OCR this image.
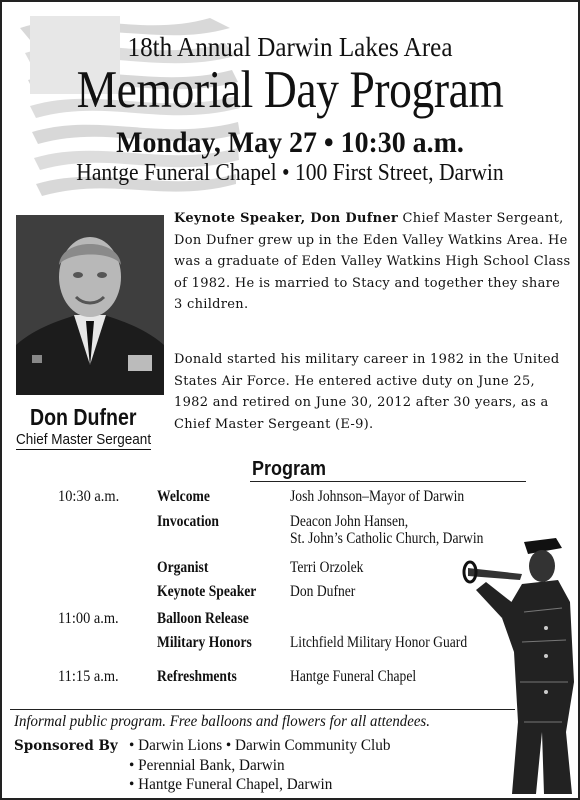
18th Annual Darwin Lakes Area
Memorial Day Program
Monday, May 27 • 10:30 a.m.
Hantge Funeral Chapel • 100 First Street, Darwin
Don Dufner
Chief Master Sergeant

Keynote Speaker, Don Dufner Chief Master Sergeant, Don Dufner grew up in the Eden Valley Watkins Area. He was a graduate of Eden Valley Watkins High School Class of 1982. He is married to Stacy and together they share 3 children.

Donald started his military career in 1982 in the United States Air Force. He entered active duty on June 25, 1982 and retired on June 30, 2012 after 30 years, as a Chief Master Sergeant (E-9).

Program
10:30 a.m. Welcome	Josh Johnson–Mayor of Darwin
Invocation	Deacon John Hansen,
St. John’s Catholic Church, Darwin
Organist	Terri Orzolek
Keynote Speaker Don Dufner
11:00 a.m. Balloon Release
Military Honors Litchfield Military Honor Guard
11:15 a.m. Refreshments	Hantge Funeral Chapel
Informal public program. Free balloons and flowers for all attendees.
Sponsored By
•	Darwin Lions • Darwin Community Club
• Perennial Bank, Darwin
• Hantge Funeral Chapel, Darwin
